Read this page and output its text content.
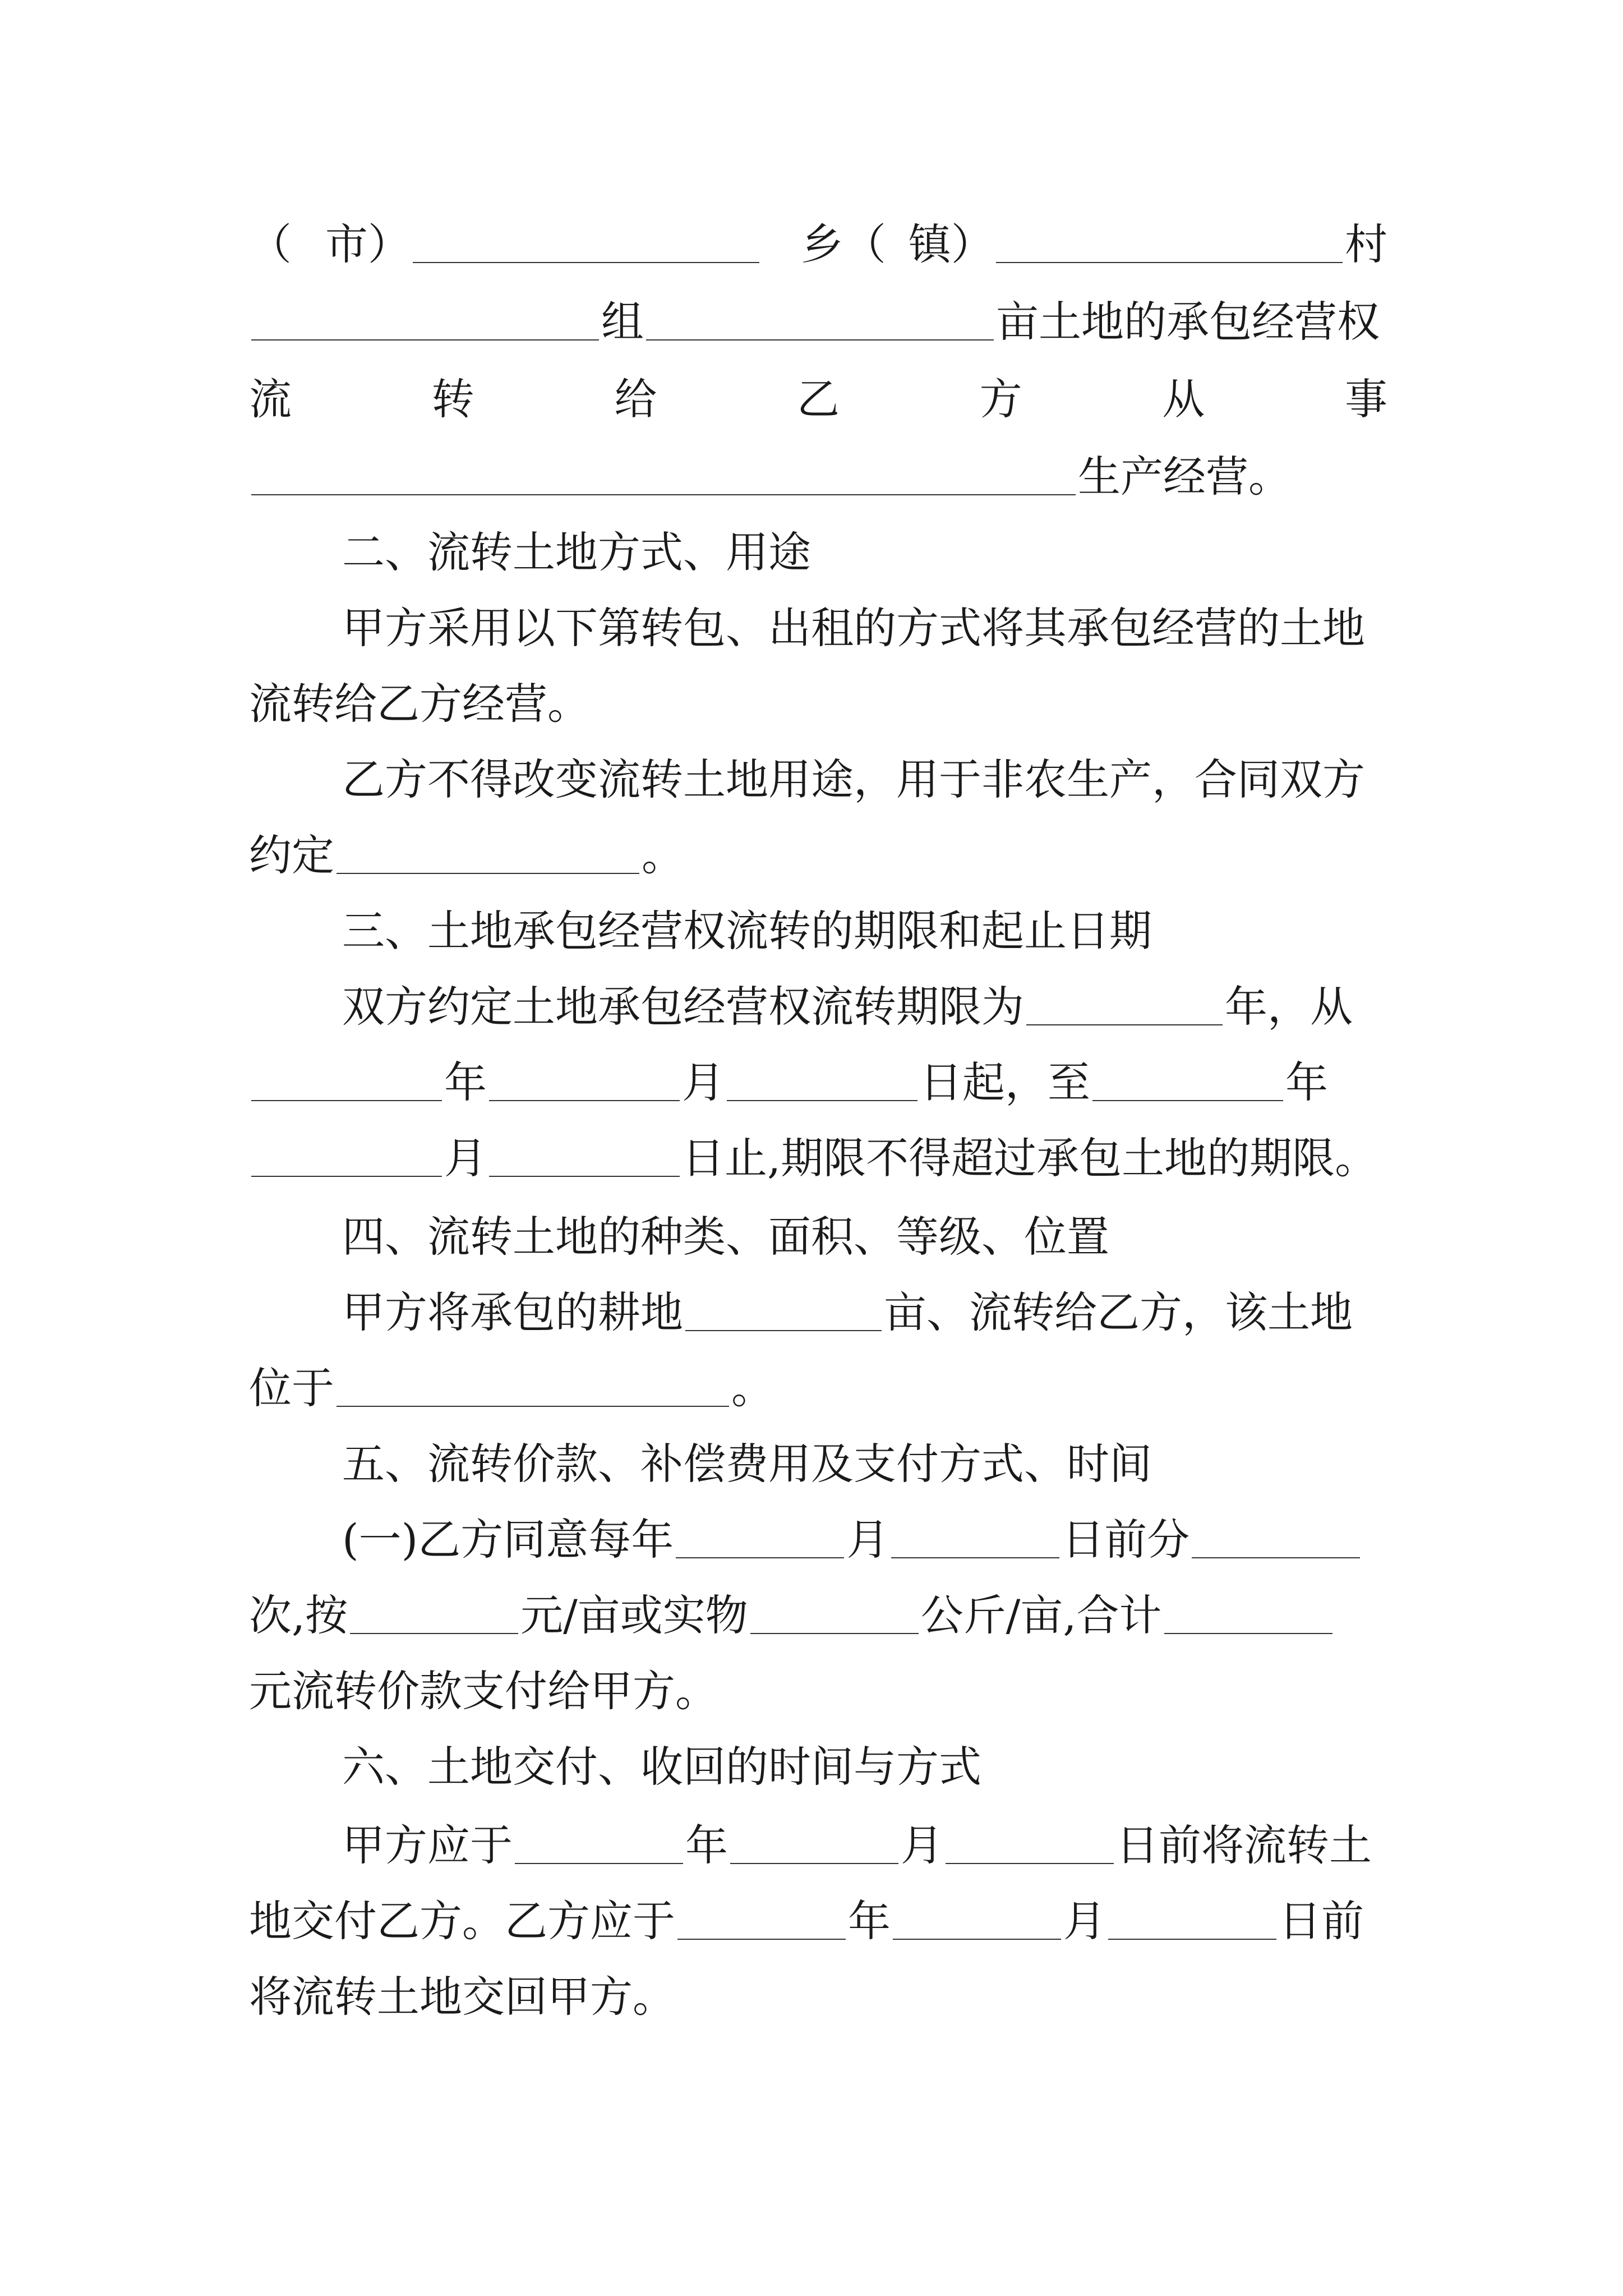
（ 市）	乡（ 镇）	村
组	亩土地的承包经营权
流	转	给	乙	方	从	事
生产经营。
二、流转土地方式、用途
甲方采用以下第转包、出租的方式将其承包经营的土地
流转给乙方经营。
乙方不得改变流转土地用途，用于非农生产，合同双方
约定	。
三、土地承包经营权流转的期限和起止日期
双方约定土地承包经营权流转期限为	年，从
年	月	日起，至	年
月	日止,期限不得超过承包土地的期限。
四、流转土地的种类、面积、等级、位置
甲方将承包的耕地	亩、流转给乙方，该土地
位于	。
五、流转价款、补偿费用及支付方式、时间
(一)乙方同意每年	月	日前分
次,按	元/亩或实物	公斤/亩,合计
元流转价款支付给甲方。
六、土地交付、收回的时间与方式
甲方应于	年	月	日前将流转土
地交付乙方。乙方应于	年	月	日前
将流转土地交回甲方。
